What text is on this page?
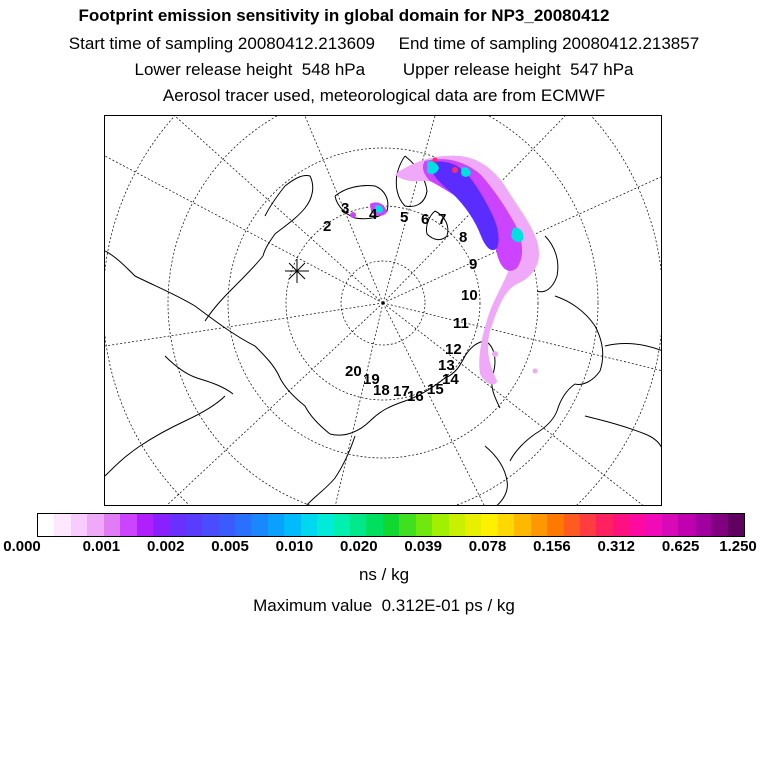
Footprint emission sensitivity in global domain for NP3_20080412
Start time of sampling 20080412.213609     End time of sampling 20080412.213857
Lower release height  548 hPa        Upper release height  547 hPa
Aerosol tracer used, meteorological data are from ECMWF
2
3 4 5 6 7
8
9
10
11
12
13
14
15
16
17
18
19
20
0.000	0.001 0.002 0.005 0.010 0.020 0.039 0.078 0.156 0.312 0.625 1.250
ns / kg
Maximum value  0.312E-01 ps / kg
